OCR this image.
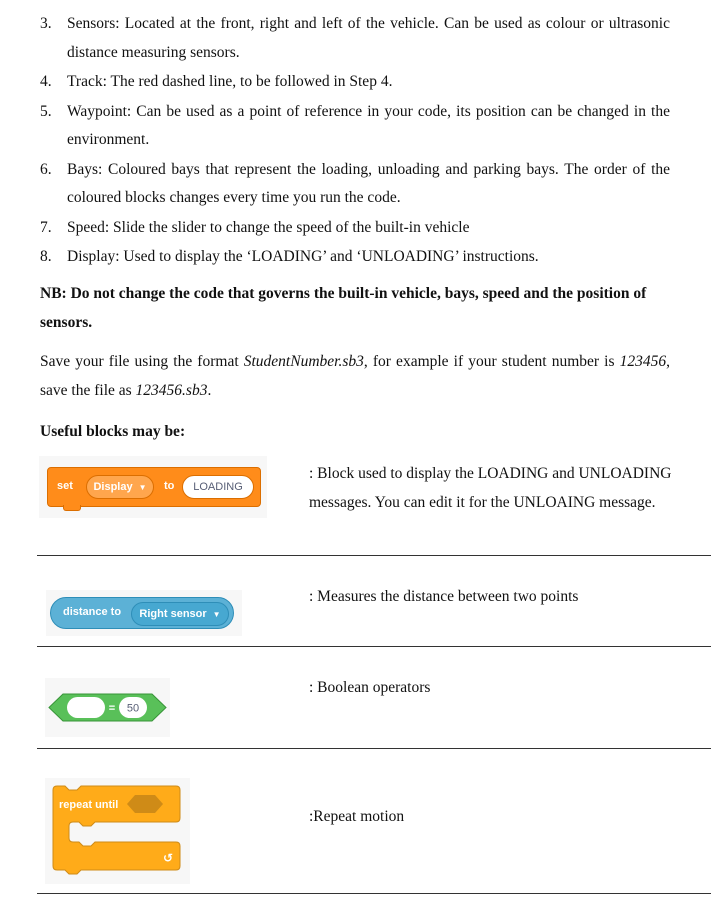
3. Sensors: Located at the front, right and left of the vehicle. Can be used as colour or ultrasonic distance measuring sensors.
4. Track: The red dashed line, to be followed in Step 4.
5. Waypoint: Can be used as a point of reference in your code, its position can be changed in the environment.
6. Bays: Coloured bays that represent the loading, unloading and parking bays. The order of the coloured blocks changes every time you run the code.
7. Speed: Slide the slider to change the speed of the built-in vehicle
8. Display: Used to display the ‘LOADING’ and ‘UNLOADING’ instructions.
NB: Do not change the code that governs the built-in vehicle, bays, speed and the position of sensors.
Save your file using the format StudentNumber.sb3, for example if your student number is 123456, save the file as 123456.sb3.
Useful blocks may be:
set Display ▼ to	LOADING
: Block used to display the LOADING and UNLOADING messages. You can edit it for the UNLOAING message.
distance to Right sensor ▼
: Measures the distance between two points
= 50
: Boolean operators
repeat until
↺
:Repeat motion
